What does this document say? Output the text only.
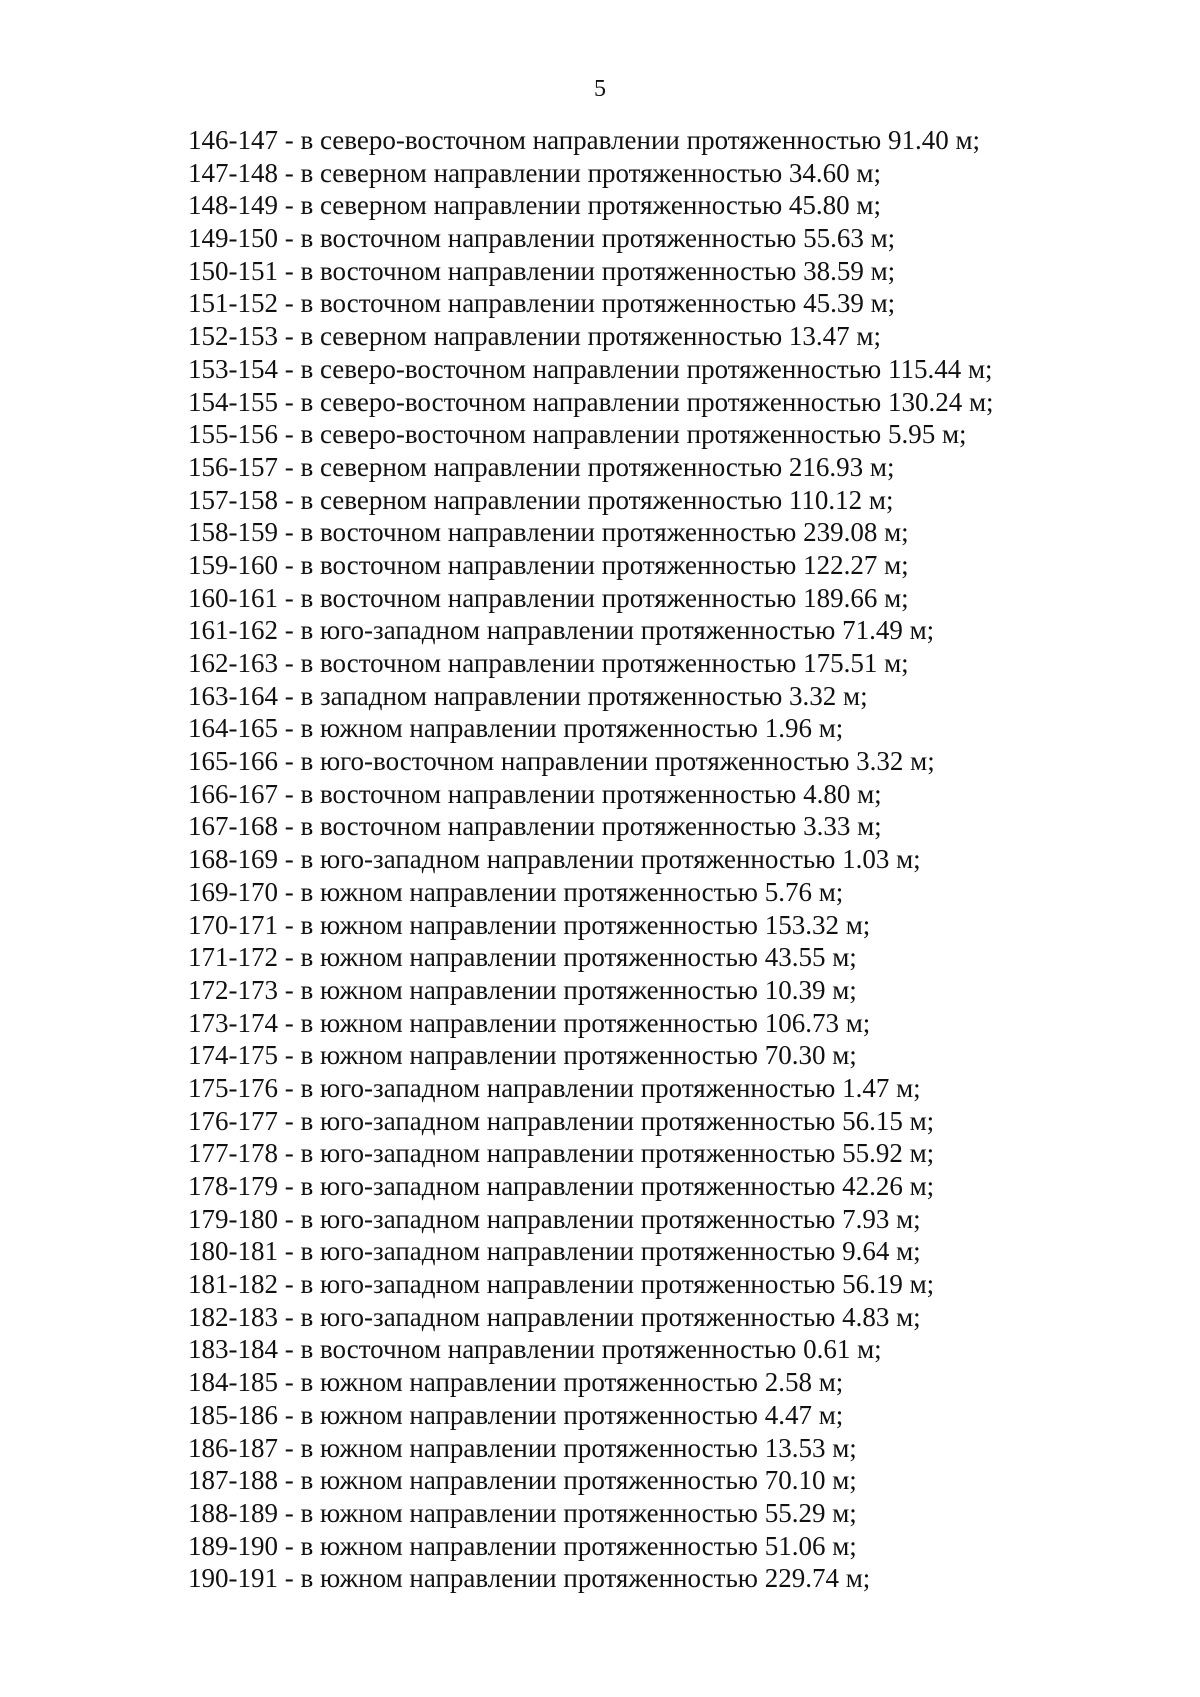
5
146-147 - в северо-восточном направлении протяженностью 91.40 м;
147-148 - в северном направлении протяженностью 34.60 м;
148-149 - в северном направлении протяженностью 45.80 м;
149-150 - в восточном направлении протяженностью 55.63 м;
150-151 - в восточном направлении протяженностью 38.59 м;
151-152 - в восточном направлении протяженностью 45.39 м;
152-153 - в северном направлении протяженностью 13.47 м;
153-154 - в северо-восточном направлении протяженностью 115.44 м;
154-155 - в северо-восточном направлении протяженностью 130.24 м;
155-156 - в северо-восточном направлении протяженностью 5.95 м;
156-157 - в северном направлении протяженностью 216.93 м;
157-158 - в северном направлении протяженностью 110.12 м;
158-159 - в восточном направлении протяженностью 239.08 м;
159-160 - в восточном направлении протяженностью 122.27 м;
160-161 - в восточном направлении протяженностью 189.66 м;
161-162 - в юго-западном направлении протяженностью 71.49 м;
162-163 - в восточном направлении протяженностью 175.51 м;
163-164 - в западном направлении протяженностью 3.32 м;
164-165 - в южном направлении протяженностью 1.96 м;
165-166 - в юго-восточном направлении протяженностью 3.32 м;
166-167 - в восточном направлении протяженностью 4.80 м;
167-168 - в восточном направлении протяженностью 3.33 м;
168-169 - в юго-западном направлении протяженностью 1.03 м;
169-170 - в южном направлении протяженностью 5.76 м;
170-171 - в южном направлении протяженностью 153.32 м;
171-172 - в южном направлении протяженностью 43.55 м;
172-173 - в южном направлении протяженностью 10.39 м;
173-174 - в южном направлении протяженностью 106.73 м;
174-175 - в южном направлении протяженностью 70.30 м;
175-176 - в юго-западном направлении протяженностью 1.47 м;
176-177 - в юго-западном направлении протяженностью 56.15 м;
177-178 - в юго-западном направлении протяженностью 55.92 м;
178-179 - в юго-западном направлении протяженностью 42.26 м;
179-180 - в юго-западном направлении протяженностью 7.93 м;
180-181 - в юго-западном направлении протяженностью 9.64 м;
181-182 - в юго-западном направлении протяженностью 56.19 м;
182-183 - в юго-западном направлении протяженностью 4.83 м;
183-184 - в восточном направлении протяженностью 0.61 м;
184-185 - в южном направлении протяженностью 2.58 м;
185-186 - в южном направлении протяженностью 4.47 м;
186-187 - в южном направлении протяженностью 13.53 м;
187-188 - в южном направлении протяженностью 70.10 м;
188-189 - в южном направлении протяженностью 55.29 м;
189-190 - в южном направлении протяженностью 51.06 м;
190-191 - в южном направлении протяженностью 229.74 м;
